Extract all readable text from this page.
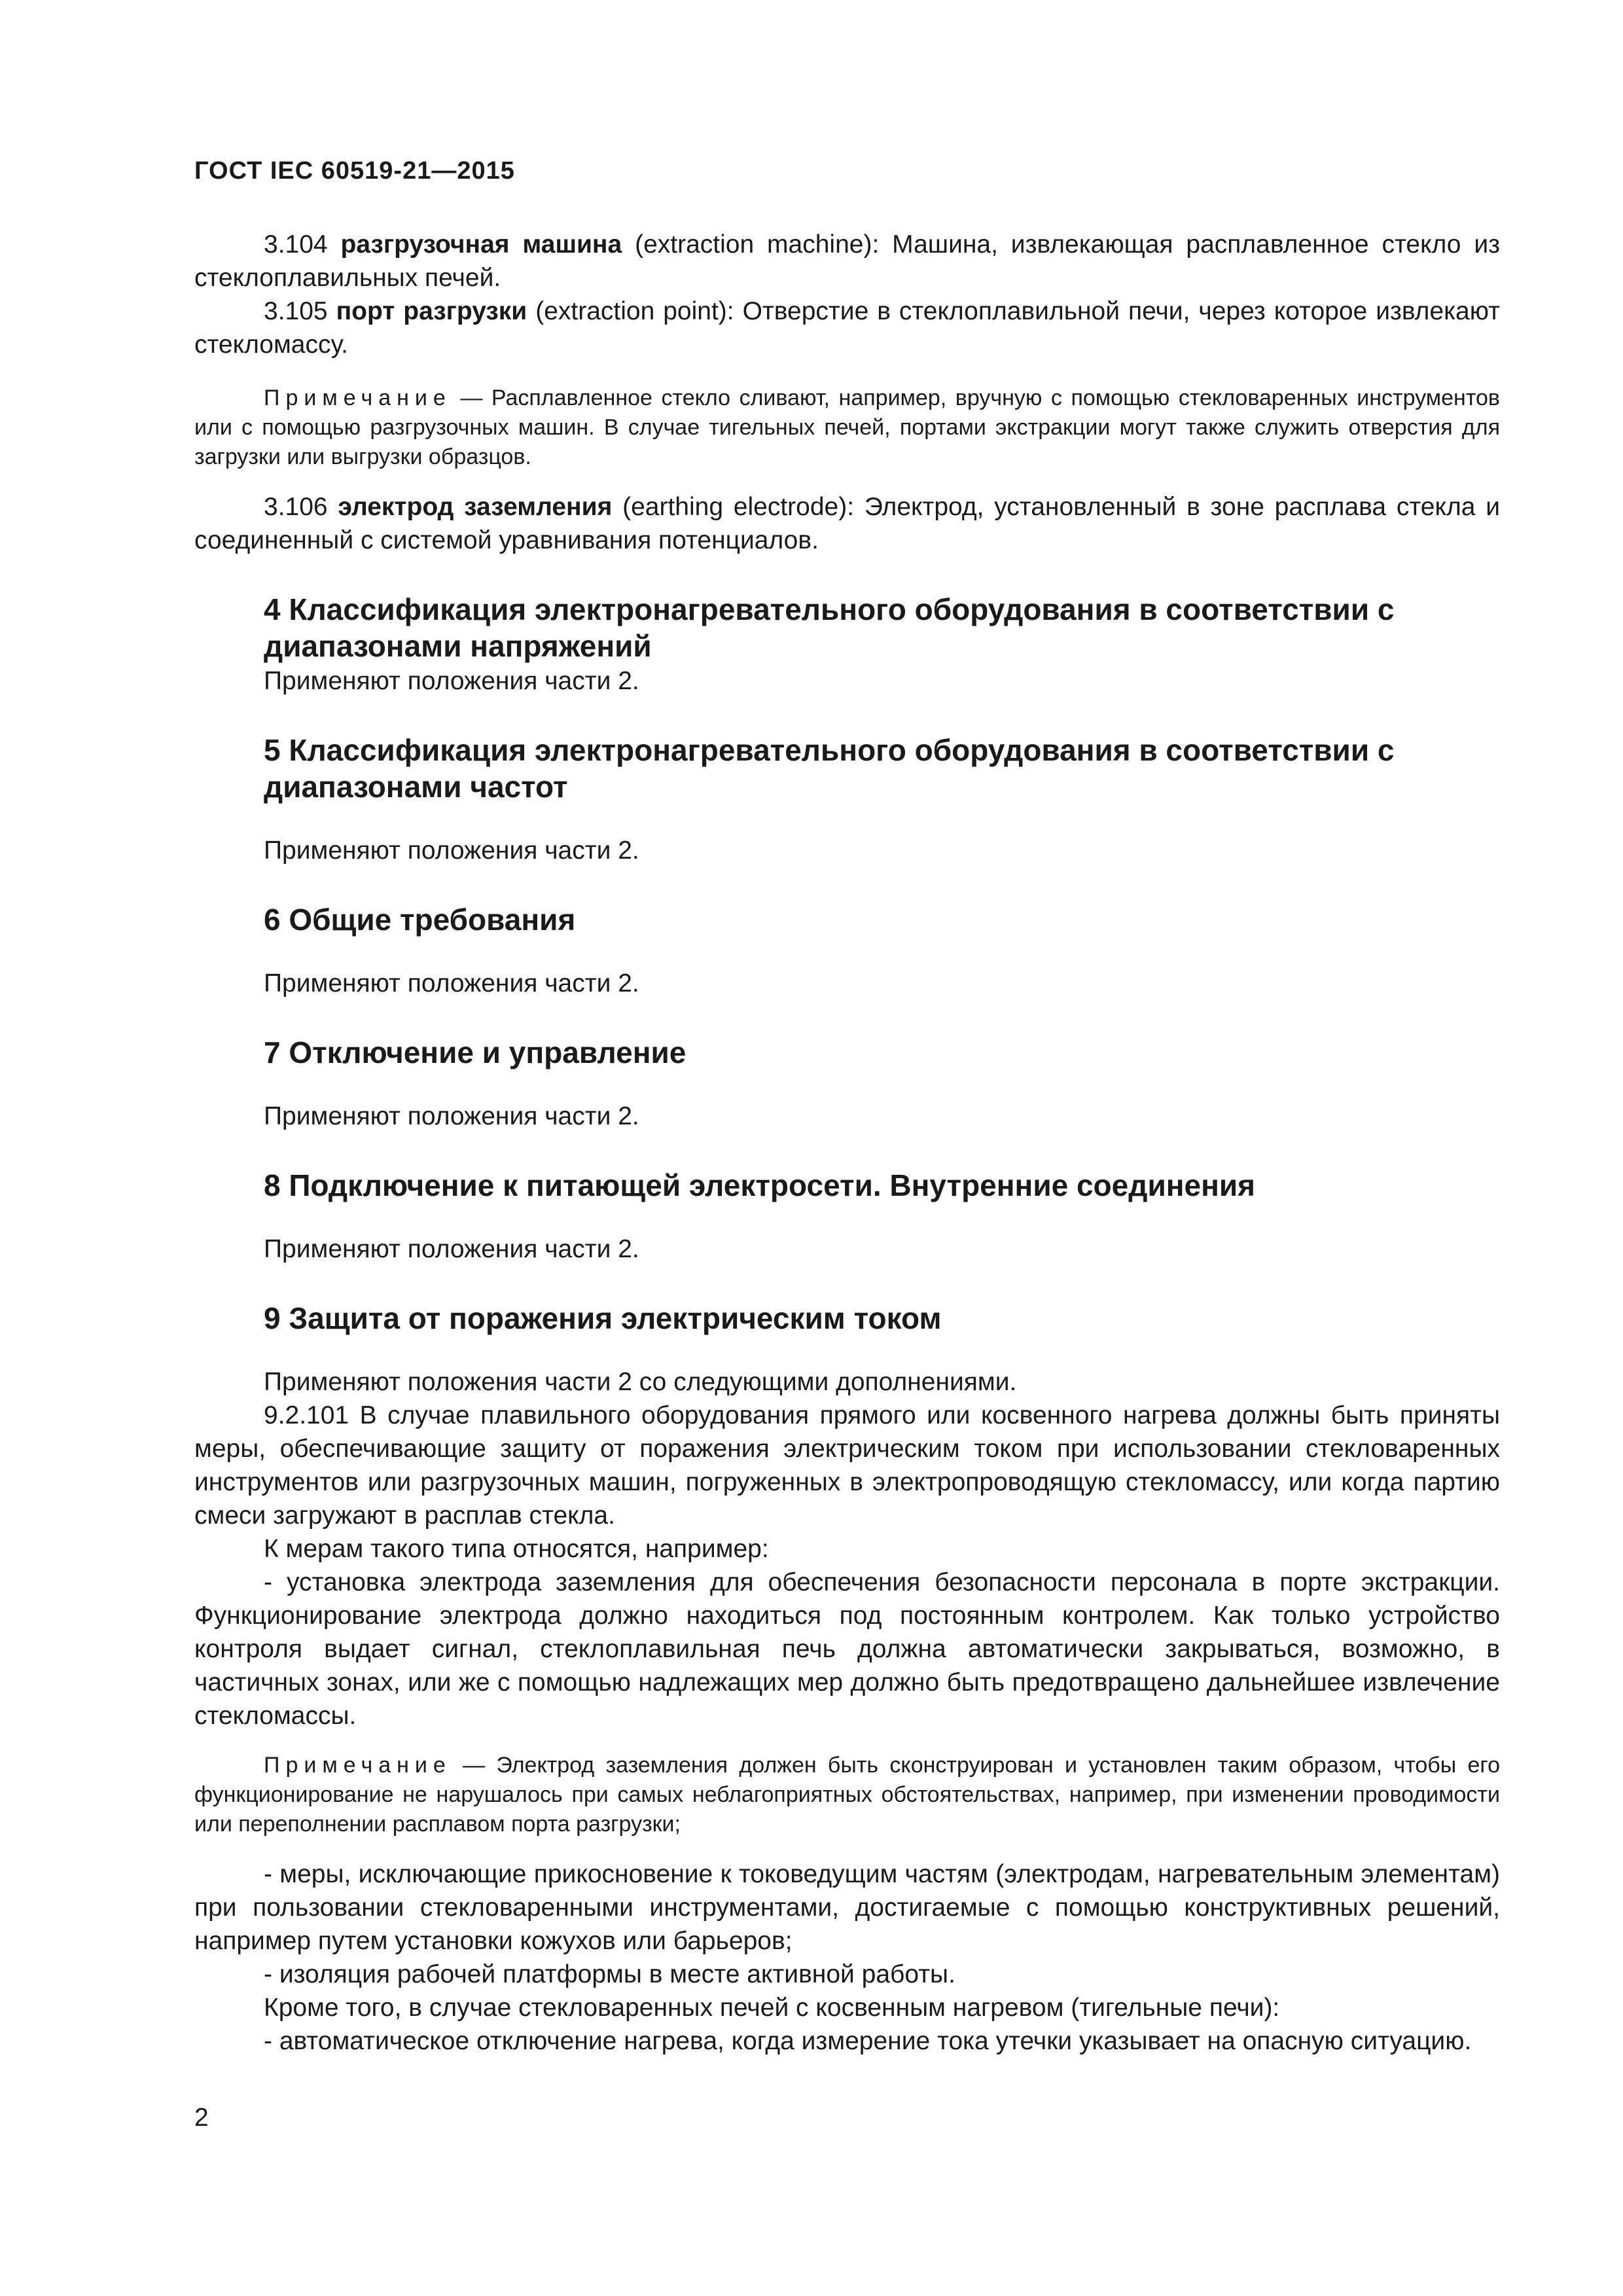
ГОСТ IEC 60519-21—2015

3.104 разгрузочная машина (extraction machine): Машина, извлекающая расплавленное стекло из стеклоплавильных печей.

3.105 порт разгрузки (extraction point): Отверстие в стеклоплавильной печи, через которое извлекают стекломассу.

Примечание — Расплавленное стекло сливают, например, вручную с помощью стекловаренных инструментов или с помощью разгрузочных машин. В случае тигельных печей, портами экстракции могут также служить отверстия для загрузки или выгрузки образцов.

3.106 электрод заземления (earthing electrode): Электрод, установленный в зоне расплава стекла и соединенный с системой уравнивания потенциалов.

4 Классификация электронагревательного оборудования в соответствии с диапазонами напряжений

Применяют положения части 2.

5 Классификация электронагревательного оборудования в соответствии с диапазонами частот

Применяют положения части 2.

6 Общие требования

Применяют положения части 2.

7 Отключение и управление

Применяют положения части 2.

8 Подключение к питающей электросети. Внутренние соединения

Применяют положения части 2.

9 Защита от поражения электрическим током

Применяют положения части 2 со следующими дополнениями.

9.2.101 В случае плавильного оборудования прямого или косвенного нагрева должны быть приняты меры, обеспечивающие защиту от поражения электрическим током при использовании стекловаренных инструментов или разгрузочных машин, погруженных в электропроводящую стекломассу, или когда партию смеси загружают в расплав стекла.

К мерам такого типа относятся, например:

- установка электрода заземления для обеспечения безопасности персонала в порте экстракции. Функционирование электрода должно находиться под постоянным контролем. Как только устройство контроля выдает сигнал, стеклоплавильная печь должна автоматически закрываться, возможно, в частичных зонах, или же с помощью надлежащих мер должно быть предотвращено дальнейшее извлечение стекломассы.

Примечание — Электрод заземления должен быть сконструирован и установлен таким образом, чтобы его функционирование не нарушалось при самых неблагоприятных обстоятельствах, например, при изменении проводимости или переполнении расплавом порта разгрузки;

- меры, исключающие прикосновение к токоведущим частям (электродам, нагревательным элементам) при пользовании стекловаренными инструментами, достигаемые с помощью конструктивных решений, например путем установки кожухов или барьеров;

- изоляция рабочей платформы в месте активной работы.

Кроме того, в случае стекловаренных печей с косвенным нагревом (тигельные печи):

- автоматическое отключение нагрева, когда измерение тока утечки указывает на опасную ситуацию.

2
